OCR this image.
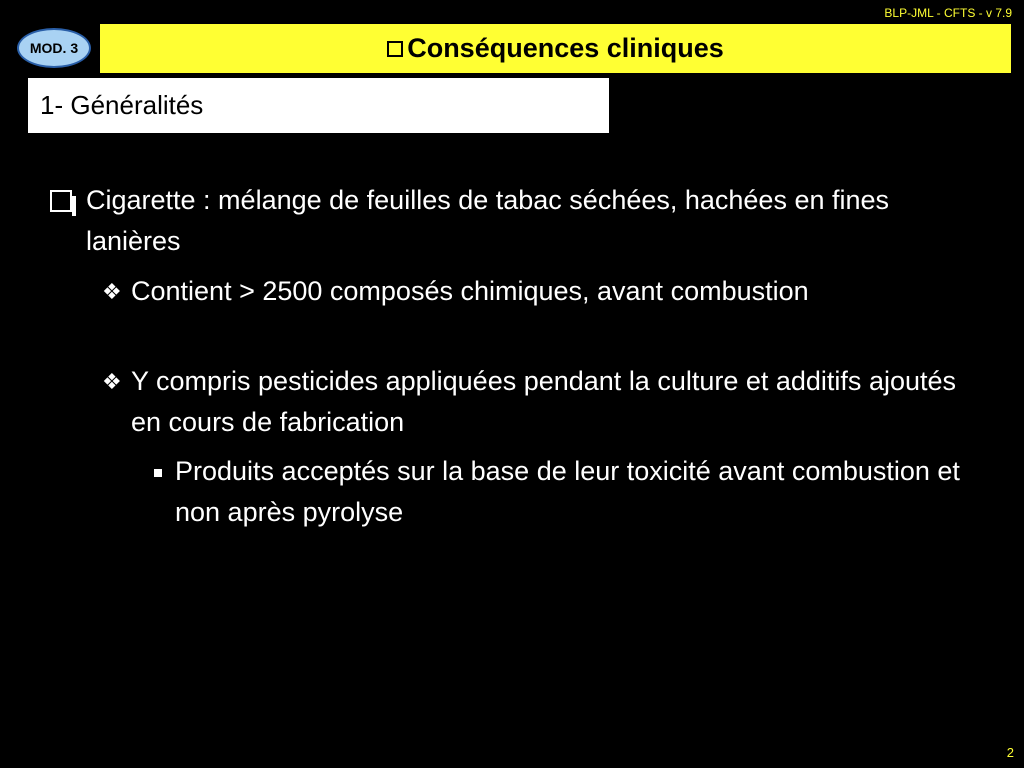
BLP-JML - CFTS - v 7.9
MOD. 3	Conséquences cliniques
1- Généralités
Cigarette : mélange de feuilles de tabac séchées, hachées en fines lanières
❖ Contient > 2500 composés chimiques, avant combustion
❖ Y compris pesticides appliquées pendant la culture et additifs ajoutés en cours de fabrication
Produits acceptés sur la base de leur toxicité avant combustion et non après pyrolyse
2
